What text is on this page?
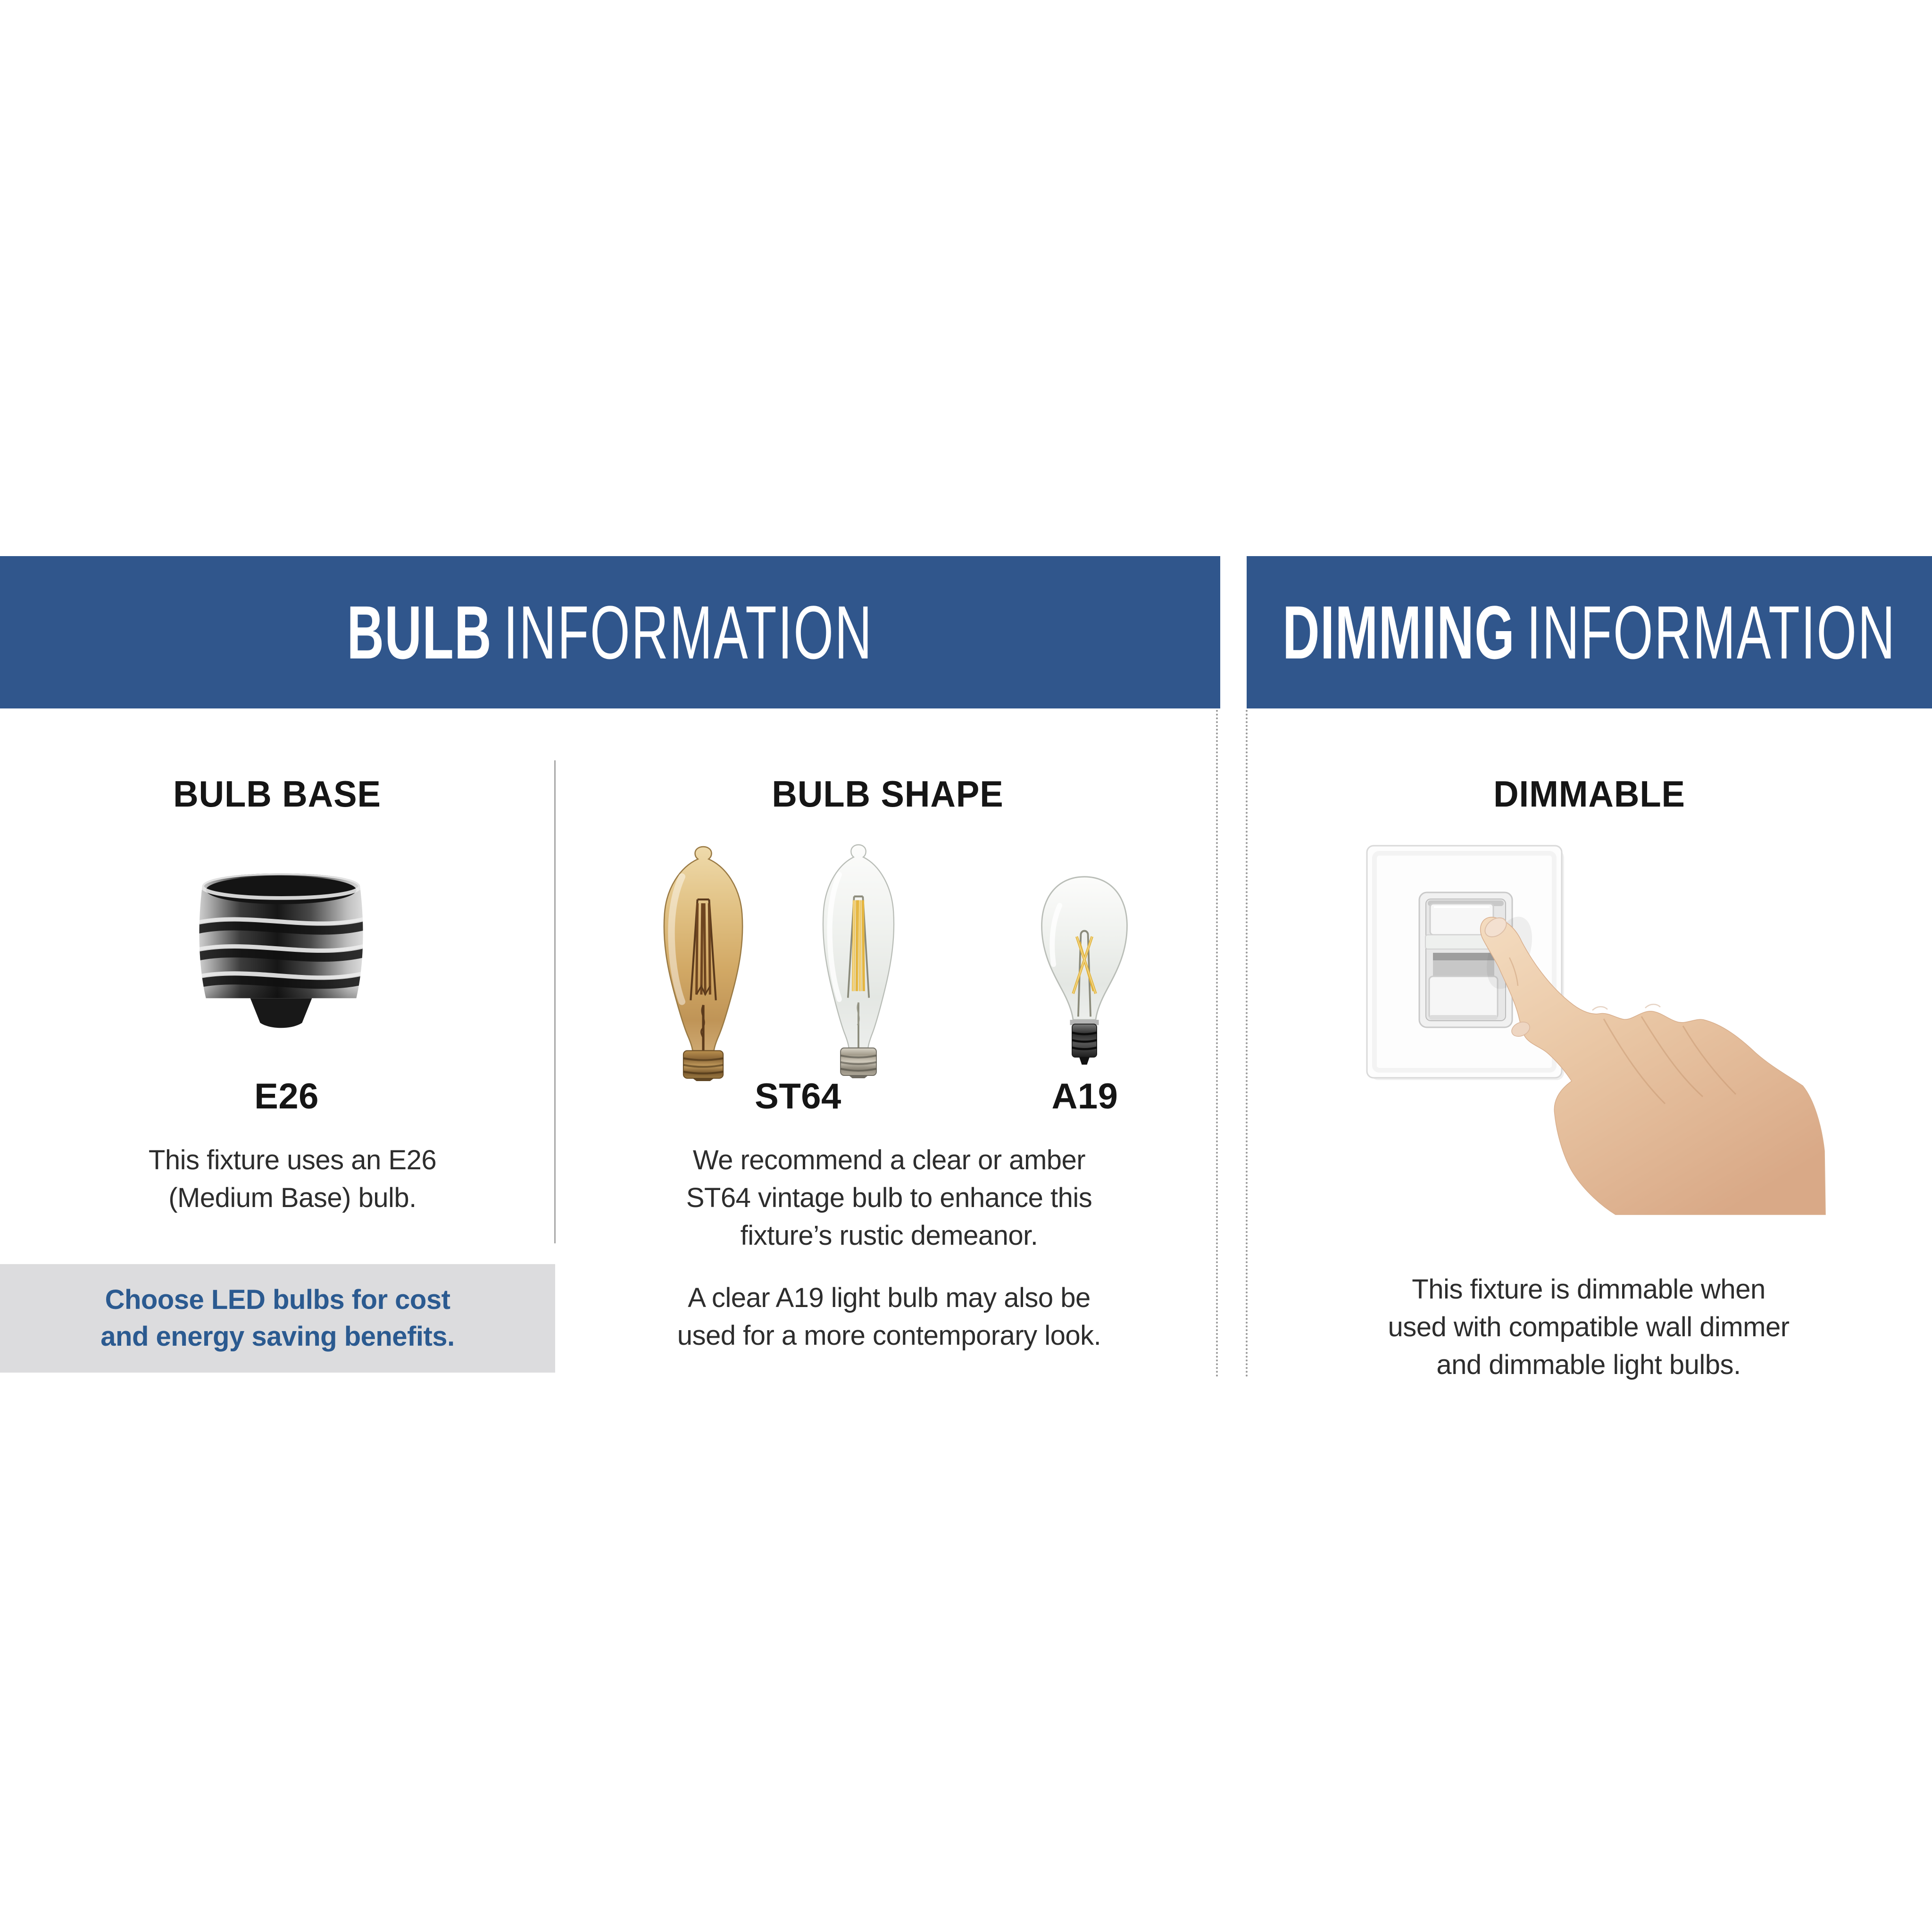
BULB INFORMATION	DIMMING INFORMATION
BULB BASE	BULB SHAPE	DIMMABLE
E26	ST64	A19
This fixture uses an E26
(Medium Base) bulb.
We recommend a clear or amber
ST64 vintage bulb to enhance this
fixture’s rustic demeanor.
A clear A19 light bulb may also be
used for a more contemporary look.
Choose LED bulbs for cost
and energy saving benefits.
This fixture is dimmable when
used with compatible wall dimmer
and dimmable light bulbs.
